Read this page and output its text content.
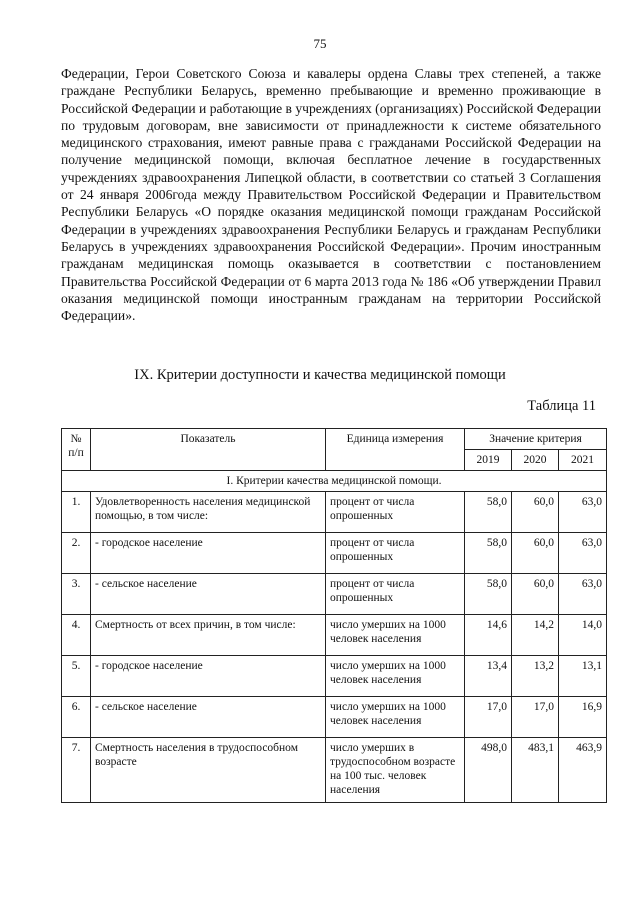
75

Федерации, Герои Советского Союза и кавалеры ордена Славы трех степеней, а также граждане Республики Беларусь, временно пребывающие и временно проживающие в Российской Федерации и работающие в учреждениях (организациях) Российской Федерации по трудовым договорам, вне зависимости от принадлежности к системе обязательного медицинского страхования, имеют равные права с гражданами Российской Федерации на получение медицинской помощи, включая бесплатное лечение в государственных учреждениях здравоохранения Липецкой области, в соответствии со статьей 3 Соглашения от 24 января 2006года между Правительством Российской Федерации и Правительством Республики Беларусь «О порядке оказания медицинской помощи гражданам Российской Федерации в учреждениях здравоохранения Республики Беларусь и гражданам Республики Беларусь в учреждениях здравоохранения Российской Федерации». Прочим иностранным гражданам медицинская помощь оказывается в соответствии с постановлением Правительства Российской Федерации от 6 марта 2013 года № 186 «Об утверждении Правил оказания медицинской помощи иностранным гражданам на территории Российской Федерации».

IX. Критерии доступности и качества медицинской помощи
Таблица 11
№ п/п	Показатель	Единица измерения	Значение критерия		
			2019	2020	2021
I. Критерии качества медицинской помощи.					
1.	Удовлетворенность населения медицинской помощью, в том числе:	процент от числа опрошенных	58,0	60,0	63,0
2.	- городское население	процент от числа опрошенных	58,0	60,0	63,0
3.	- сельское население	процент от числа опрошенных	58,0	60,0	63,0
4.	Смертность от всех причин, в том числе:	число умерших на 1000 человек населения	14,6	14,2	14,0
5.	- городское население	число умерших на 1000 человек населения	13,4	13,2	13,1
6.	- сельское население	число умерших на 1000 человек населения	17,0	17,0	16,9
7.	Смертность населения в трудоспособном возрасте	число умерших в трудоспособном возрасте на 100 тыс. человек населения	498,0	483,1	463,9
